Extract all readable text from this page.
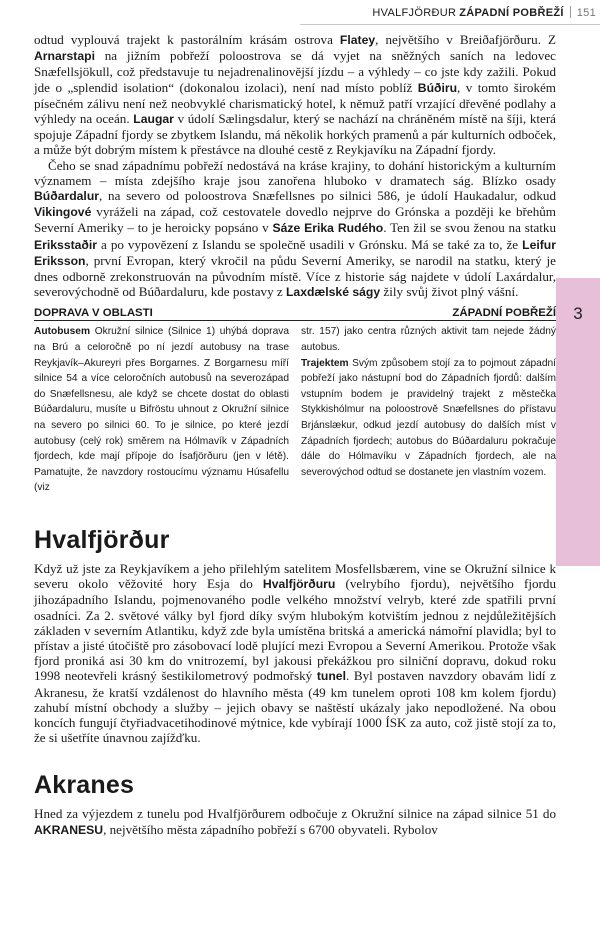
HVALFJÖRÐUR ZÁPADNÍ POBŘEŽÍ 151
3

odtud vyplouvá trajekt k pastorálním krásám ostrova Flatey, největšího v Breiðafjörðuru. Z Arnarstapi na jižním pobřeží poloostrova se dá vyjet na sněžných saních na ledovec Snæfellsjökull, což představuje tu nejadrenalinovější jízdu – a výhledy – co jste kdy zažili. Pokud jde o „splendid isolation“ (dokonalou izolaci), není nad místo poblíž Búðiru, v tomto širokém písečném zálivu není než neobvyklé charismatický hotel, k němuž patří vrzající dřevěné podlahy a výhledy na oceán. Laugar v údolí Sælingsdalur, který se nachází na chráněném místě na šíji, která spojuje Západní fjordy se zbytkem Islandu, má několik horkých pramenů a pár kulturních odboček, a může být dobrým místem k přestávce na dlouhé cestě z Reykjavíku na Západní fjordy.

Čeho se snad západnímu pobřeží nedostává na kráse krajiny, to dohání historickým a kulturním významem – místa zdejšího kraje jsou zanořena hluboko v dramatech ság. Blízko osady Búðardalur, na severo od poloostrova Snæfellsnes po silnici 586, je údolí Haukadalur, odkud Vikingové vyráželi na západ, což cestovatele dovedlo nejprve do Grónska a později ke břehům Severní Ameriky – to je heroicky popsáno v Sáze Erika Rudého. Ten žil se svou ženou na statku Eriksstaðir a po vypovězení z Islandu se společně usadili v Grónsku. Má se také za to, že Leifur Eriksson, první Evropan, který vkročil na půdu Severní Ameriky, se narodil na statku, který je dnes odborně zrekonstruován na původním místě. Více z historie ság najdete v údolí Laxárdalur, severovýchodně od Búðardaluru, kde postavy z Laxdælské ságy žily svůj život plný vášní.

DOPRAVA V OBLASTI	ZÁPADNÍ POBŘEŽÍ

Autobusem Okružní silnice (Silnice 1) uhýbá doprava na Brú a celoročně po ní jezdí autobusy na trase Reykjavík–Akureyri přes Borgarnes. Z Borgarnesu míří silnice 54 a více celoročních autobusů na severozápad do Snæfellsnesu, ale když se chcete dostat do oblasti Búðardaluru, musíte u Bifröstu uhnout z Okružní silnice na severo po silnici 60. To je silnice, po které jezdí autobusy (celý rok) směrem na Hólmavík v Západních fjordech, kde mají přípoje do Ísafjörðuru (jen v létě). Pamatujte, že navzdory rostoucímu významu Húsafellu (viz

str. 157) jako centra různých aktivit tam nejede žádný autobus.

Trajektem Svým způsobem stojí za to pojmout západní pobřeží jako nástupní bod do Západních fjordů: dalším vstupním bodem je pravidelný trajekt z městečka Stykkishólmur na poloostrově Snæfellsnes do přístavu Brjánslækur, odkud jezdí autobusy do dalších míst v Západních fjordech; autobus do Búðardaluru pokračuje dále do Hólmavíku v Západních fjordech, ale na severovýchod odtud se dostanete jen vlastním vozem.

Hvalfjörður

Když už jste za Reykjavíkem a jeho přilehlým satelitem Mosfellsbærem, vine se Okružní silnice k severu okolo věžovité hory Esja do Hvalfjörðuru (velrybího fjordu), největšího fjordu jihozápadního Islandu, pojmenovaného podle velkého množství velryb, které zde spatřili první osadníci. Za 2. světové války byl fjord díky svým hlubokým kotvištím jednou z nejdůležitějších základen v severním Atlantiku, když zde byla umístěna britská a americká námořní plavidla; byl to přístav a jisté útočiště pro zásobovací lodě plující mezi Evropou a Severní Amerikou. Protože však fjord proniká asi 30 km do vnitrozemí, byl jakousi překážkou pro silniční dopravu, dokud roku 1998 neotevřeli krásný šestikilometrový podmořský tunel. Byl postaven navzdory obavám lidí z Akranesu, že kratší vzdálenost do hlavního města (49 km tunelem oproti 108 km kolem fjordu) zahubí místní obchody a služby – jejich obavy se naštěstí ukázaly jako nepodložené. Na obou koncích fungují čtyřiadvacetihodinové mýtnice, kde vybírají 1000 ÍSK za auto, což jistě stojí za to, že si ušetříte únavnou zajížďku.

Akranes

Hned za výjezdem z tunelu pod Hvalfjörðurem odbočuje z Okružní silnice na západ silnice 51 do AKRANESU, největšího města západního pobřeží s 6700 obyvateli. Rybolov
